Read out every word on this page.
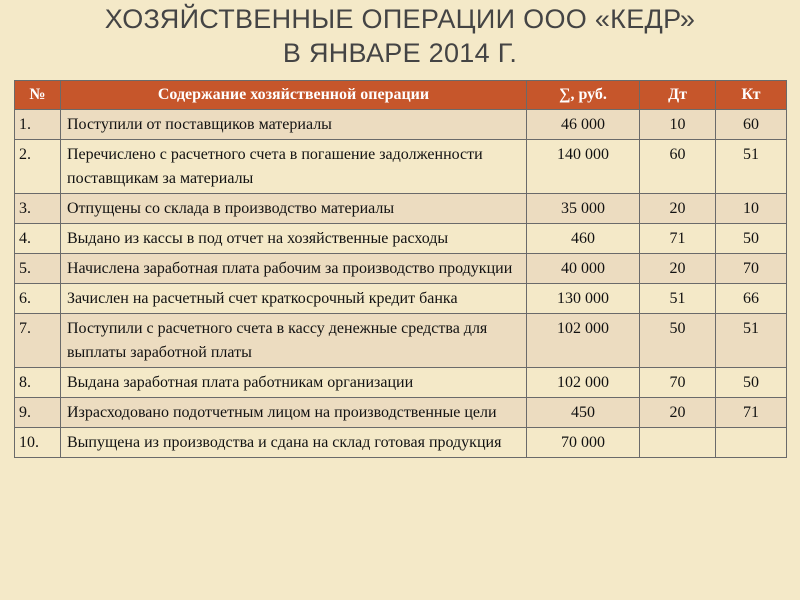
ХОЗЯЙСТВЕННЫЕ ОПЕРАЦИИ ООО «КЕДР»
В ЯНВАРЕ 2014 Г.
№	Содержание хозяйственной операции	∑, руб.	Дт	Кт
1.	Поступили от поставщиков материалы	46 000	10	60
2.	Перечислено с расчетного счета в погашение задолженности поставщикам за материалы	140 000	60	51
3.	Отпущены со склада в производство материалы	35 000	20	10
4.	Выдано из кассы в под отчет на хозяйственные расходы	460	71	50
5.	Начислена заработная плата рабочим за производство продукции	40 000	20	70
6.	Зачислен на расчетный счет краткосрочный кредит банка	130 000	51	66
7.	Поступили с расчетного счета в кассу денежные средства для выплаты заработной платы	102 000	50	51
8.	Выдана заработная плата работникам организации	102 000	70	50
9.	Израсходовано подотчетным лицом на производственные цели	450	20	71
10.	Выпущена из производства и сдана на склад готовая продукция	70 000		
